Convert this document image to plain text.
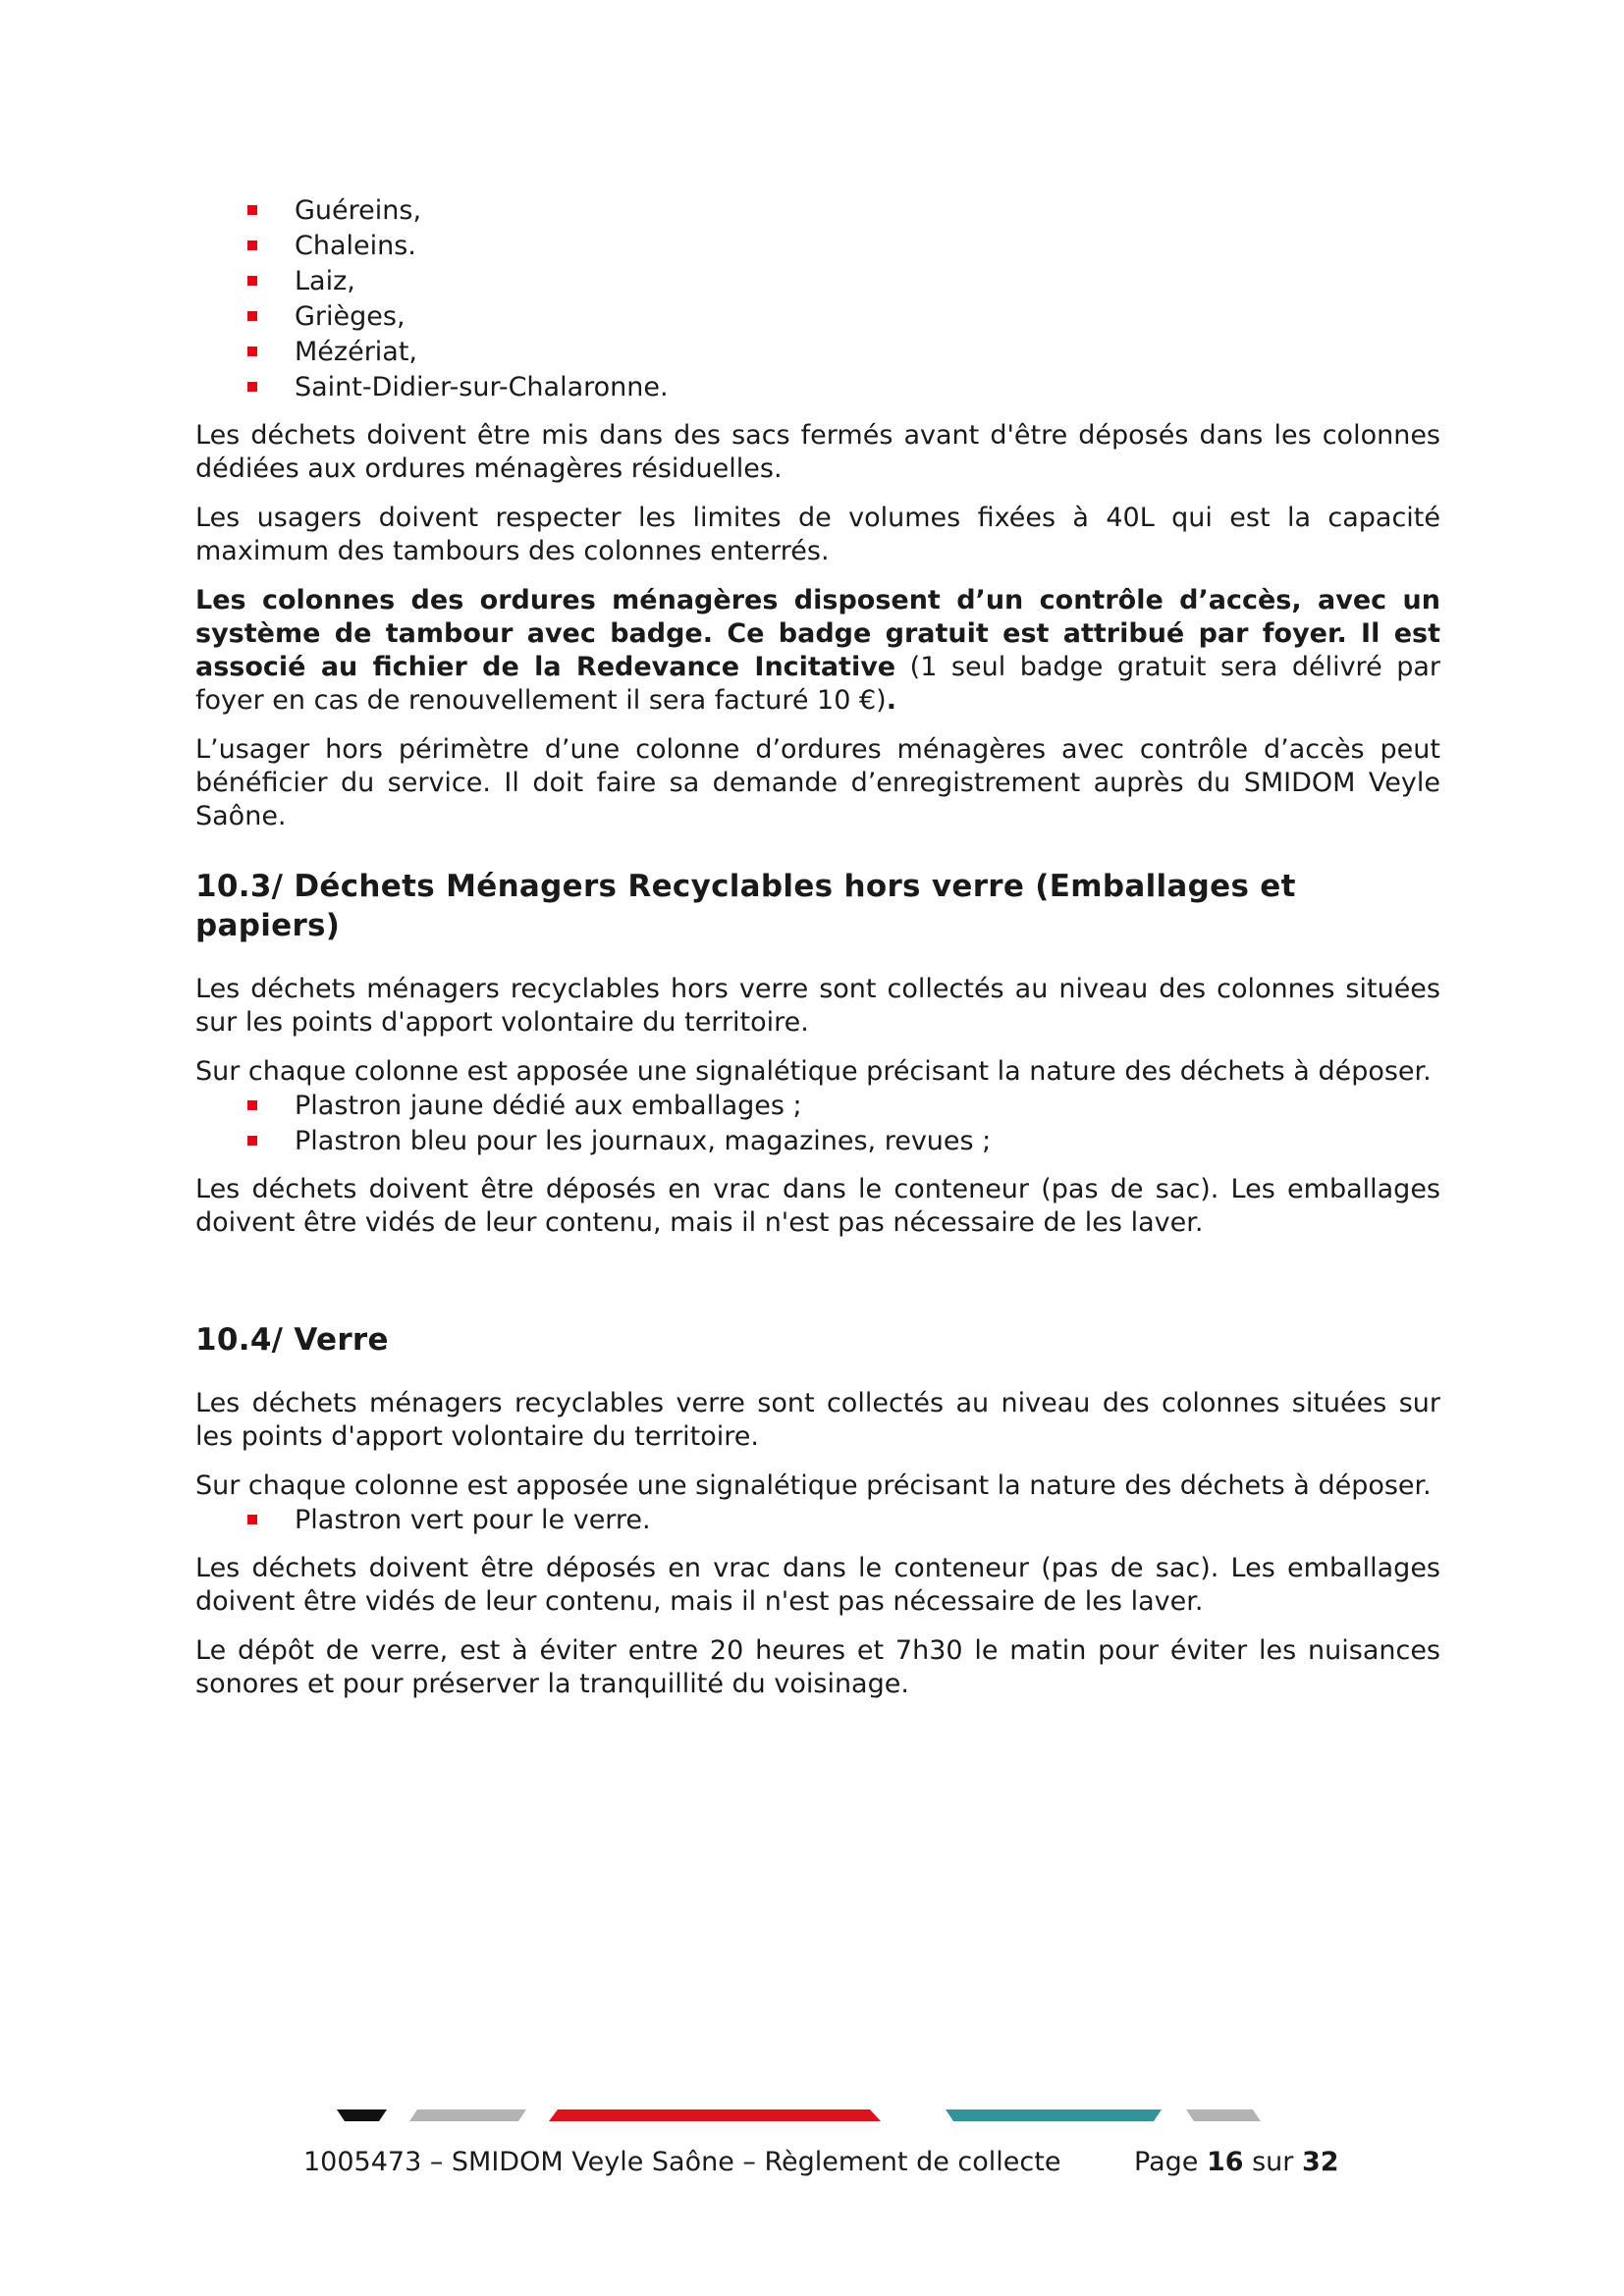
Guéreins,
Chaleins.
Laiz,
Grièges,
Mézériat,
Saint-Didier-sur-Chalaronne.

Les déchets doivent être mis dans des sacs fermés avant d'être déposés dans les colonnes dédiées aux ordures ménagères résiduelles.

Les usagers doivent respecter les limites de volumes fixées à 40L qui est la capacité maximum des tambours des colonnes enterrés.

Les colonnes des ordures ménagères disposent d’un contrôle d’accès, avec un système de tambour avec badge. Ce badge gratuit est attribué par foyer. Il est associé au fichier de la Redevance Incitative (1 seul badge gratuit sera délivré par foyer en cas de renouvellement il sera facturé 10 €).

L’usager hors périmètre d’une colonne d’ordures ménagères avec contrôle d’accès peut bénéficier du service. Il doit faire sa demande d’enregistrement auprès du SMIDOM Veyle Saône.

10.3/ Déchets Ménagers Recyclables hors verre (Emballages et papiers)

Les déchets ménagers recyclables hors verre sont collectés au niveau des colonnes situées sur les points d'apport volontaire du territoire.

Sur chaque colonne est apposée une signalétique précisant la nature des déchets à déposer.

Plastron jaune dédié aux emballages ;
Plastron bleu pour les journaux, magazines, revues ;

Les déchets doivent être déposés en vrac dans le conteneur (pas de sac). Les emballages doivent être vidés de leur contenu, mais il n'est pas nécessaire de les laver.

10.4/ Verre

Les déchets ménagers recyclables verre sont collectés au niveau des colonnes situées sur les points d'apport volontaire du territoire.

Sur chaque colonne est apposée une signalétique précisant la nature des déchets à déposer.

Plastron vert pour le verre.

Les déchets doivent être déposés en vrac dans le conteneur (pas de sac). Les emballages doivent être vidés de leur contenu, mais il n'est pas nécessaire de les laver.

Le dépôt de verre, est à éviter entre 20 heures et 7h30 le matin pour éviter les nuisances sonores et pour préserver la tranquillité du voisinage.

1005473 – SMIDOM Veyle Saône – Règlement de collecte	Page 16 sur 32
